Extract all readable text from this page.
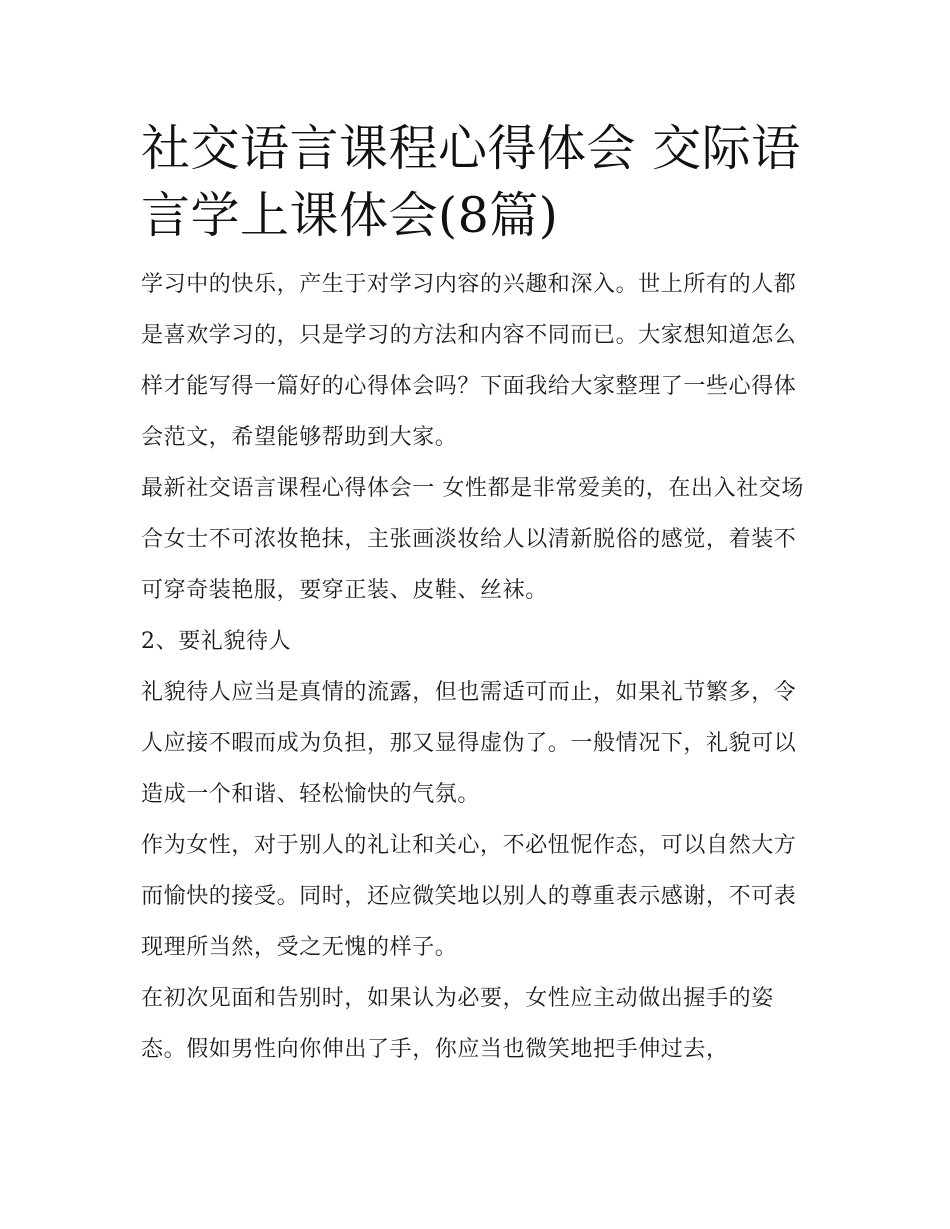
社交语言课程心得体会 交际语言学上课体会(8篇)

学习中的快乐，产生于对学习内容的兴趣和深入。世上所有的人都是喜欢学习的，只是学习的方法和内容不同而已。大家想知道怎么样才能写得一篇好的心得体会吗？下面我给大家整理了一些心得体会范文，希望能够帮助到大家。

最新社交语言课程心得体会一 女性都是非常爱美的，在出入社交场合女士不可浓妆艳抹，主张画淡妆给人以清新脱俗的感觉，着装不可穿奇装艳服，要穿正装、皮鞋、丝袜。

2、要礼貌待人

礼貌待人应当是真情的流露，但也需适可而止，如果礼节繁多，令人应接不暇而成为负担，那又显得虚伪了。一般情况下，礼貌可以造成一个和谐、轻松愉快的气氛。

作为女性，对于别人的礼让和关心，不必忸怩作态，可以自然大方而愉快的接受。同时，还应微笑地以别人的尊重表示感谢，不可表现理所当然，受之无愧的样子。

在初次见面和告别时，如果认为必要，女性应主动做出握手的姿态。假如男性向你伸出了手，你应当也微笑地把手伸过去，
